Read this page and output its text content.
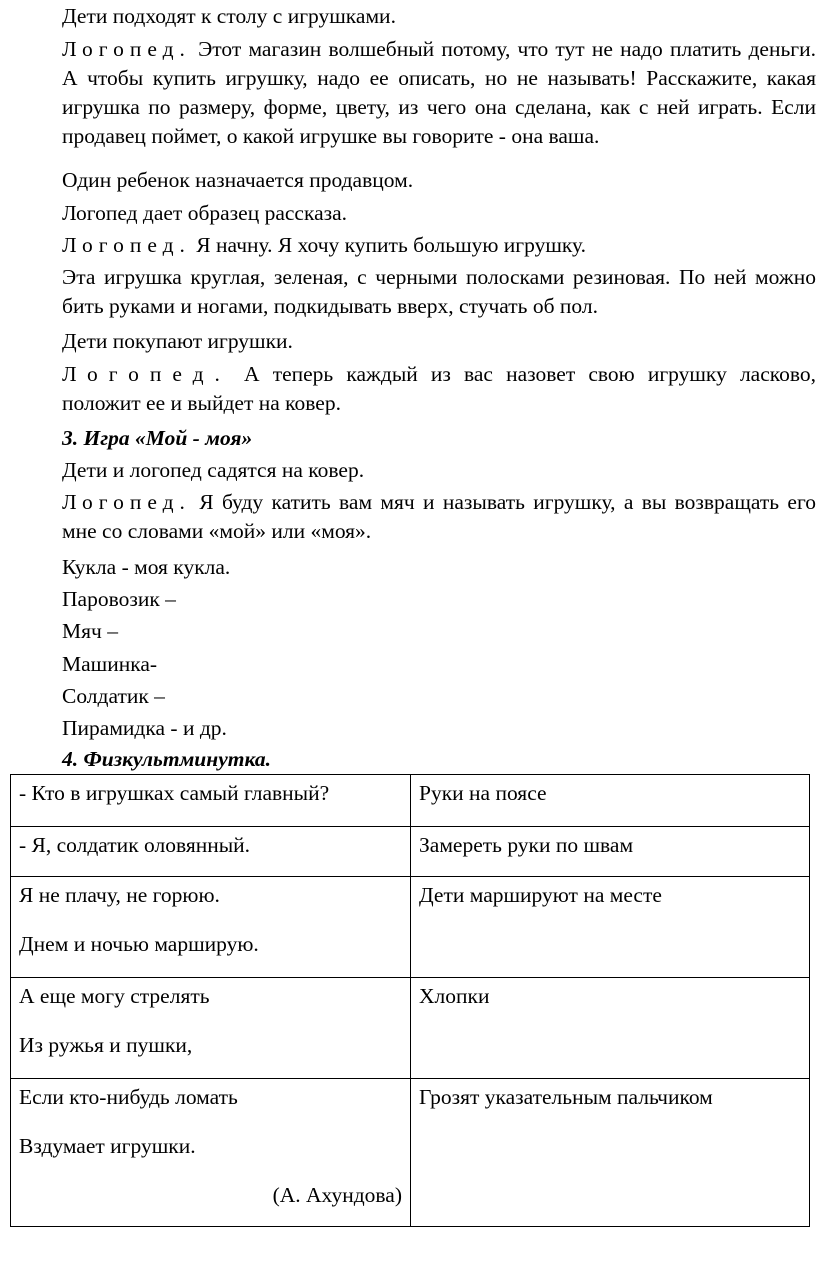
Дети подходят к столу с игрушками.
Логопед. Этот магазин волшебный потому, что тут не надо платить деньги. А чтобы купить игрушку, надо ее описать, но не называть! Расскажите, какая игрушка по размеру, форме, цвету, из чего она сделана, как с ней играть. Если продавец поймет, о какой игрушке вы говорите - она ваша.
Один ребенок назначается продавцом.
Логопед дает образец рассказа.
Логопед. Я начну. Я хочу купить большую игрушку.
Эта игрушка круглая, зеленая, с черными полосками резиновая. По ней можно бить руками и ногами, подкидывать вверх, стучать об пол.
Дети покупают игрушки.
Логопед. А теперь каждый из вас назовет свою игрушку ласково, положит ее и выйдет на ковер.
3. Игра «Мой - моя»
Дети и логопед садятся на ковер.
Логопед. Я буду катить вам мяч и называть игрушку, а вы возвращать его мне со словами «мой» или «моя».
Кукла - моя кукла.
Паровозик –
Мяч –
Машинка-
Солдатик –
Пирамидка - и др.
4. Физкультминутка.
- Кто в игрушках самый главный?	Руки на поясе

- Я, солдатик оловянный.	Замереть руки по швам

Я не плачу, не горюю.
Днем и ночью марширую.	Дети маршируют на месте

А еще могу стрелять
Из ружья и пушки,	Хлопки

Если кто-нибудь ломать
Вздумает игрушки.
(А. Ахундова)	Грозят указательным пальчиком
